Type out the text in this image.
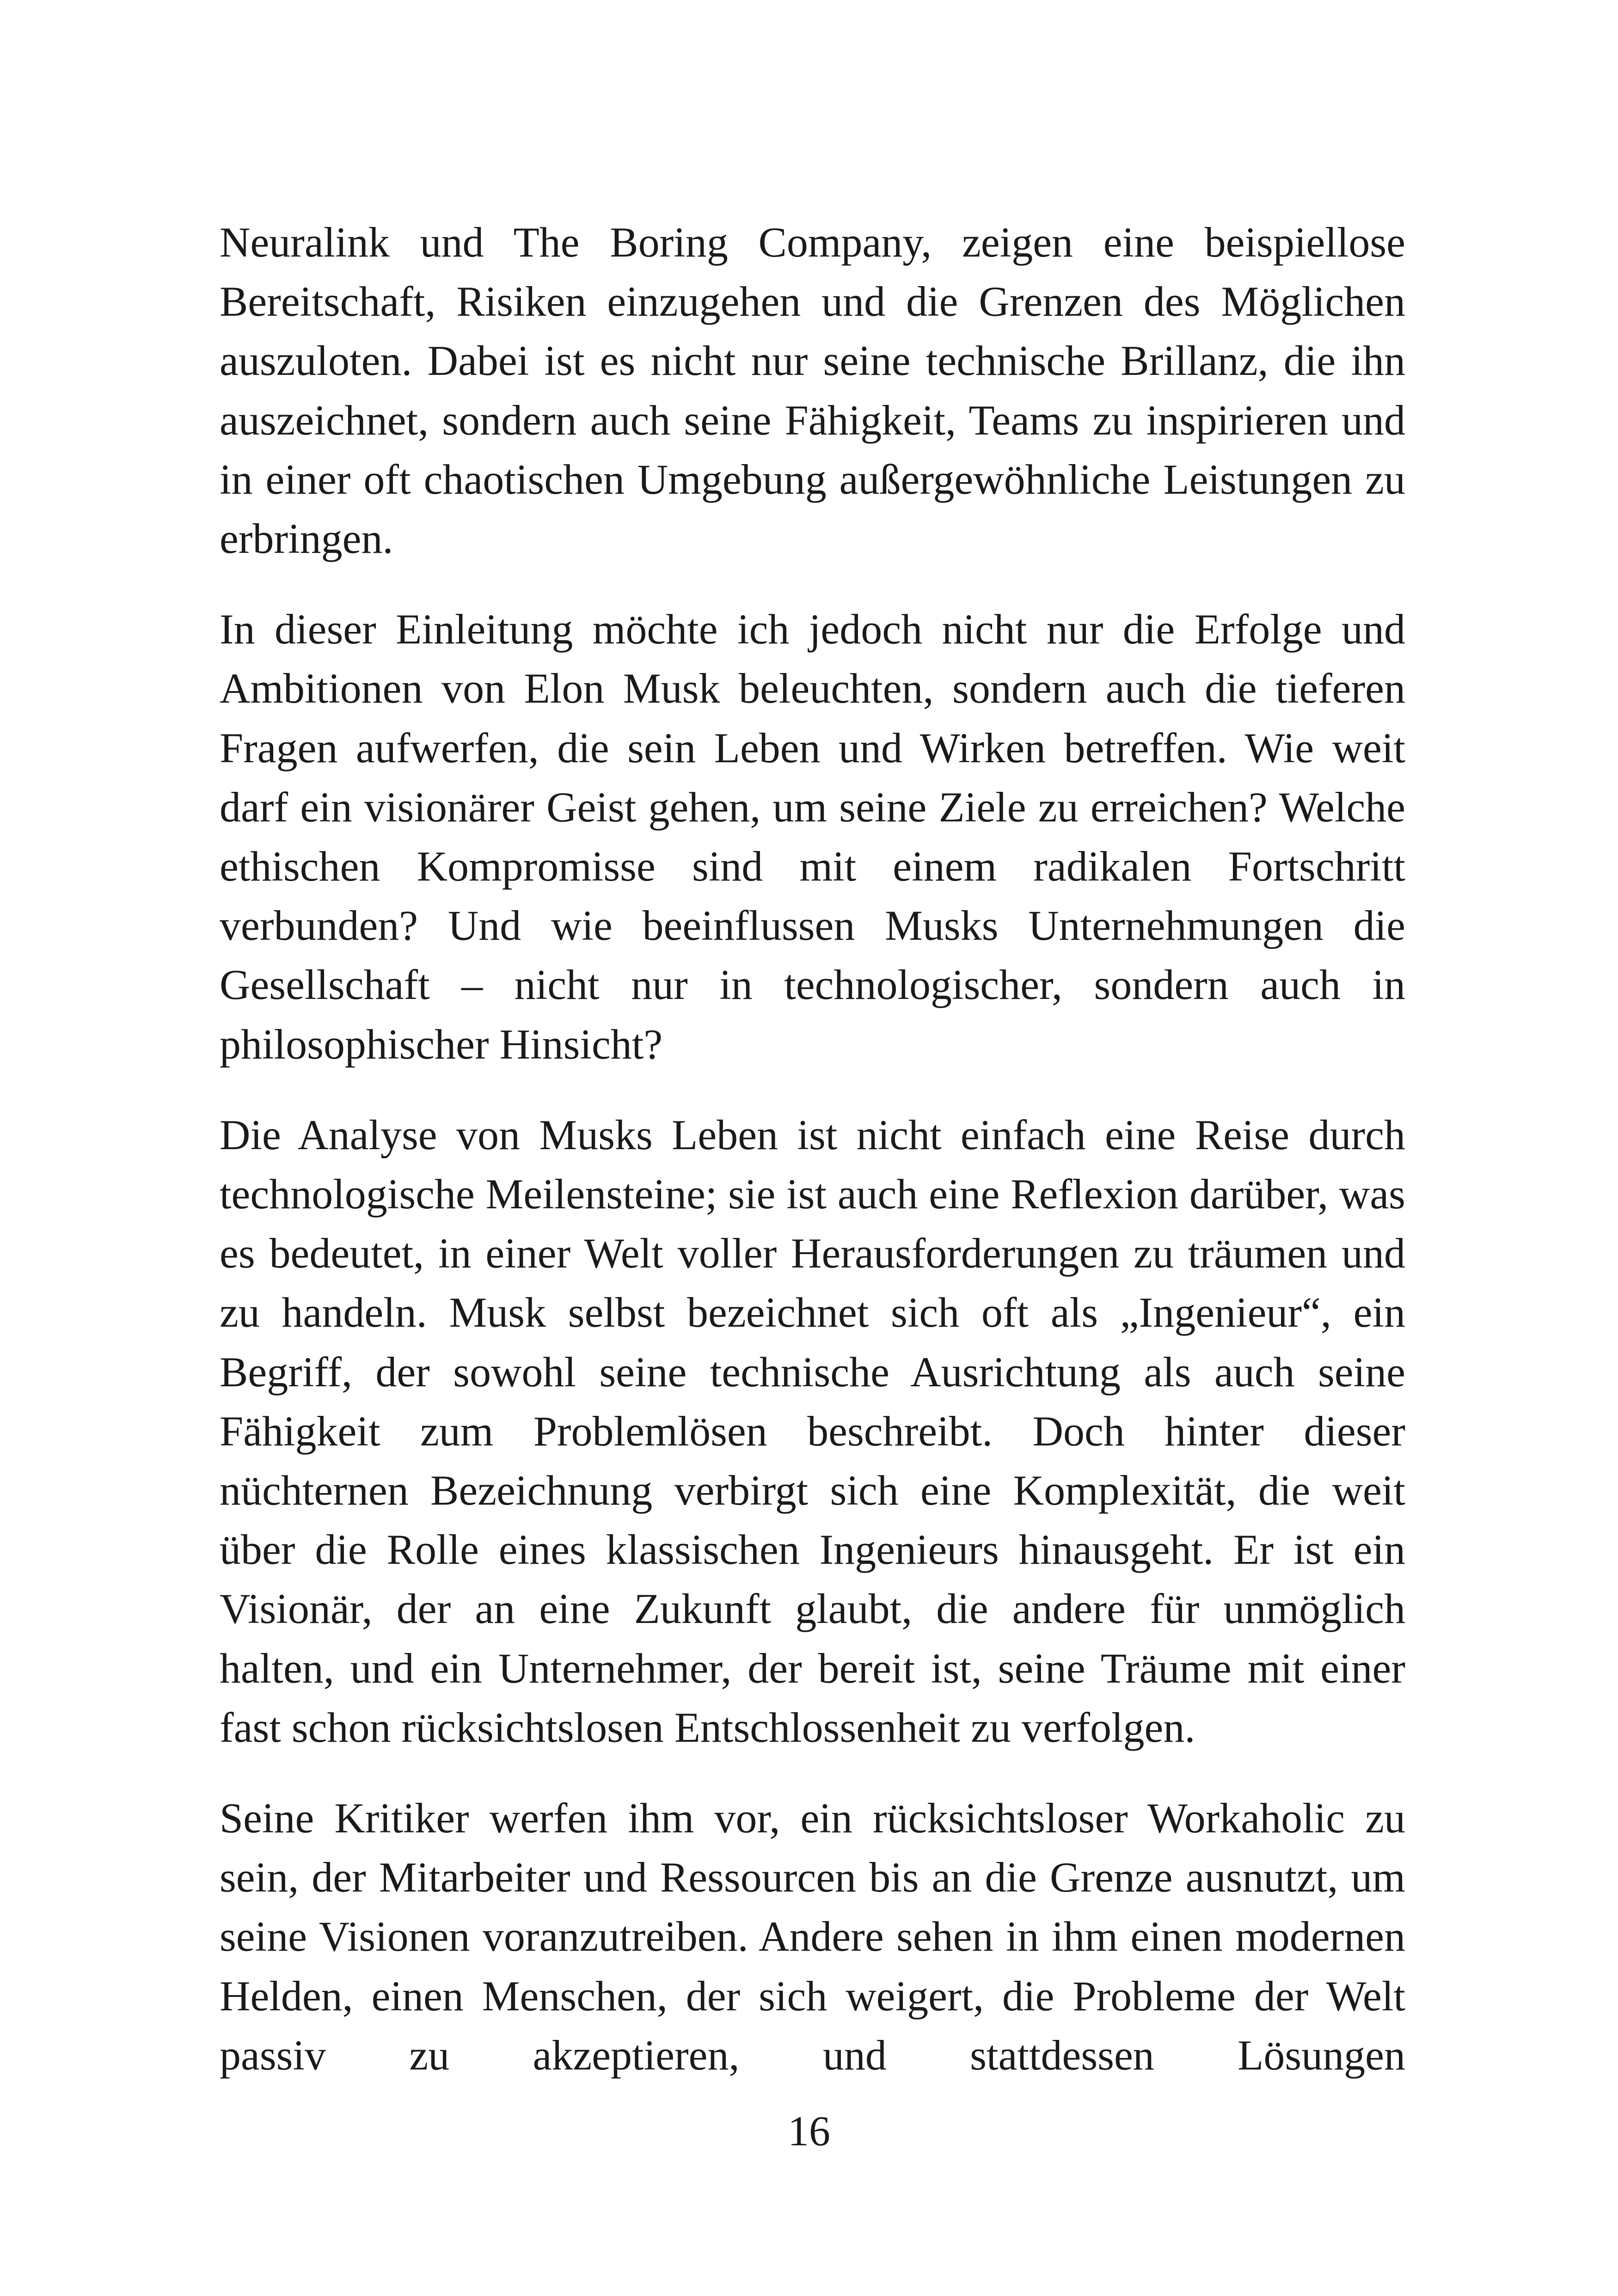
Neuralink und The Boring Company, zeigen eine beispiellose Bereitschaft, Risiken einzugehen und die Grenzen des Möglichen auszuloten. Dabei ist es nicht nur seine technische Brillanz, die ihn auszeichnet, sondern auch seine Fähigkeit, Teams zu inspirieren und in einer oft chaotischen Umgebung außergewöhnliche Leistungen zu erbringen.

In dieser Einleitung möchte ich jedoch nicht nur die Erfolge und Ambitionen von Elon Musk beleuchten, sondern auch die tieferen Fragen aufwerfen, die sein Leben und Wirken betreffen. Wie weit darf ein visionärer Geist gehen, um seine Ziele zu erreichen? Welche ethischen Kompromisse sind mit einem radikalen Fortschritt verbunden? Und wie beeinflussen Musks Unternehmungen die Gesellschaft – nicht nur in technologischer, sondern auch in philosophischer Hinsicht?

Die Analyse von Musks Leben ist nicht einfach eine Reise durch technologische Meilensteine; sie ist auch eine Reflexion darüber, was es bedeutet, in einer Welt voller Herausforderungen zu träumen und zu handeln. Musk selbst bezeichnet sich oft als „Ingenieur“, ein Begriff, der sowohl seine technische Ausrichtung als auch seine Fähigkeit zum Problemlösen beschreibt. Doch hinter dieser nüchternen Bezeichnung verbirgt sich eine Komplexität, die weit über die Rolle eines klassischen Ingenieurs hinausgeht. Er ist ein Visionär, der an eine Zukunft glaubt, die andere für unmöglich halten, und ein Unternehmer, der bereit ist, seine Träume mit einer fast schon rücksichtslosen Entschlossenheit zu verfolgen.

Seine Kritiker werfen ihm vor, ein rücksichtsloser Workaholic zu sein, der Mitarbeiter und Ressourcen bis an die Grenze ausnutzt, um seine Visionen voranzutreiben. Andere sehen in ihm einen modernen Helden, einen Menschen, der sich weigert, die Probleme der Welt passiv zu akzeptieren, und stattdessen Lösungen

16
